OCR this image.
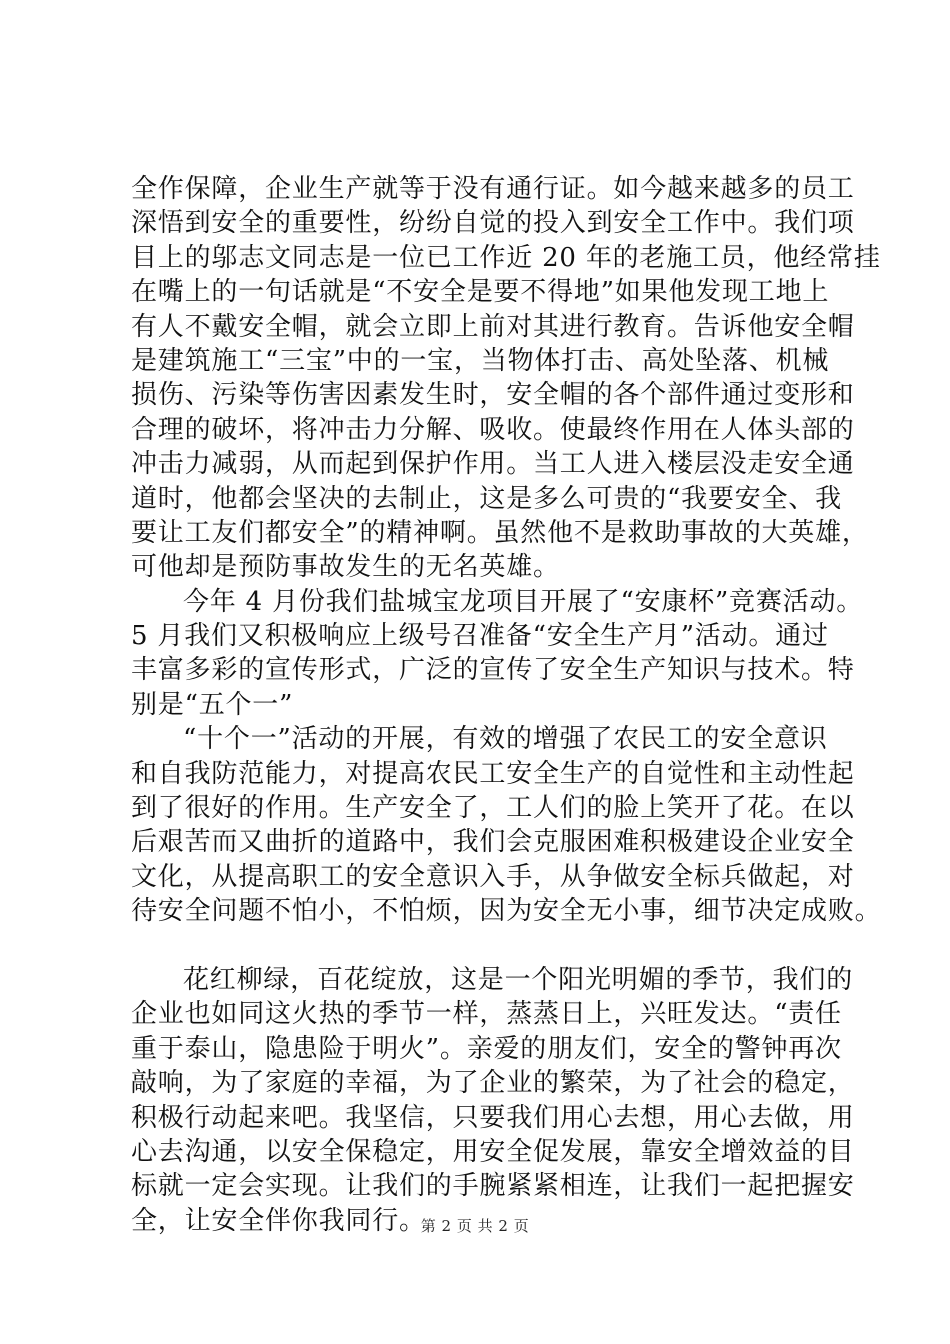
全作保障，企业生产就等于没有通行证。如今越来越多的员工
深悟到安全的重要性，纷纷自觉的投入到安全工作中。我们项
目上的邬志文同志是一位已工作近 20 年的老施工员，他经常挂
在嘴上的一句话就是“不安全是要不得地”如果他发现工地上
有人不戴安全帽，就会立即上前对其进行教育。告诉他安全帽
是建筑施工“三宝”中的一宝，当物体打击、高处坠落、机械
损伤、污染等伤害因素发生时，安全帽的各个部件通过变形和
合理的破坏，将冲击力分解、吸收。使最终作用在人体头部的
冲击力减弱，从而起到保护作用。当工人进入楼层没走安全通
道时，他都会坚决的去制止，这是多么可贵的“我要安全、我
要让工友们都安全”的精神啊。虽然他不是救助事故的大英雄，
可他却是预防事故发生的无名英雄。
今年 4 月份我们盐城宝龙项目开展了“安康杯”竞赛活动。
5 月我们又积极响应上级号召准备“安全生产月”活动。通过
丰富多彩的宣传形式，广泛的宣传了安全生产知识与技术。特
别是“五个一”
“十个一”活动的开展，有效的增强了农民工的安全意识
和自我防范能力，对提高农民工安全生产的自觉性和主动性起
到了很好的作用。生产安全了，工人们的脸上笑开了花。在以
后艰苦而又曲折的道路中，我们会克服困难积极建设企业安全
文化，从提高职工的安全意识入手，从争做安全标兵做起，对
待安全问题不怕小，不怕烦，因为安全无小事，细节决定成败。
花红柳绿，百花绽放，这是一个阳光明媚的季节，我们的
企业也如同这火热的季节一样，蒸蒸日上，兴旺发达。“责任
重于泰山，隐患险于明火”。亲爱的朋友们，安全的警钟再次
敲响，为了家庭的幸福，为了企业的繁荣，为了社会的稳定，
积极行动起来吧。我坚信，只要我们用心去想，用心去做，用
心去沟通，以安全保稳定，用安全促发展，靠安全增效益的目
标就一定会实现。让我们的手腕紧紧相连，让我们一起把握安
全，让安全伴你我同行。
第 2 页 共 2 页
